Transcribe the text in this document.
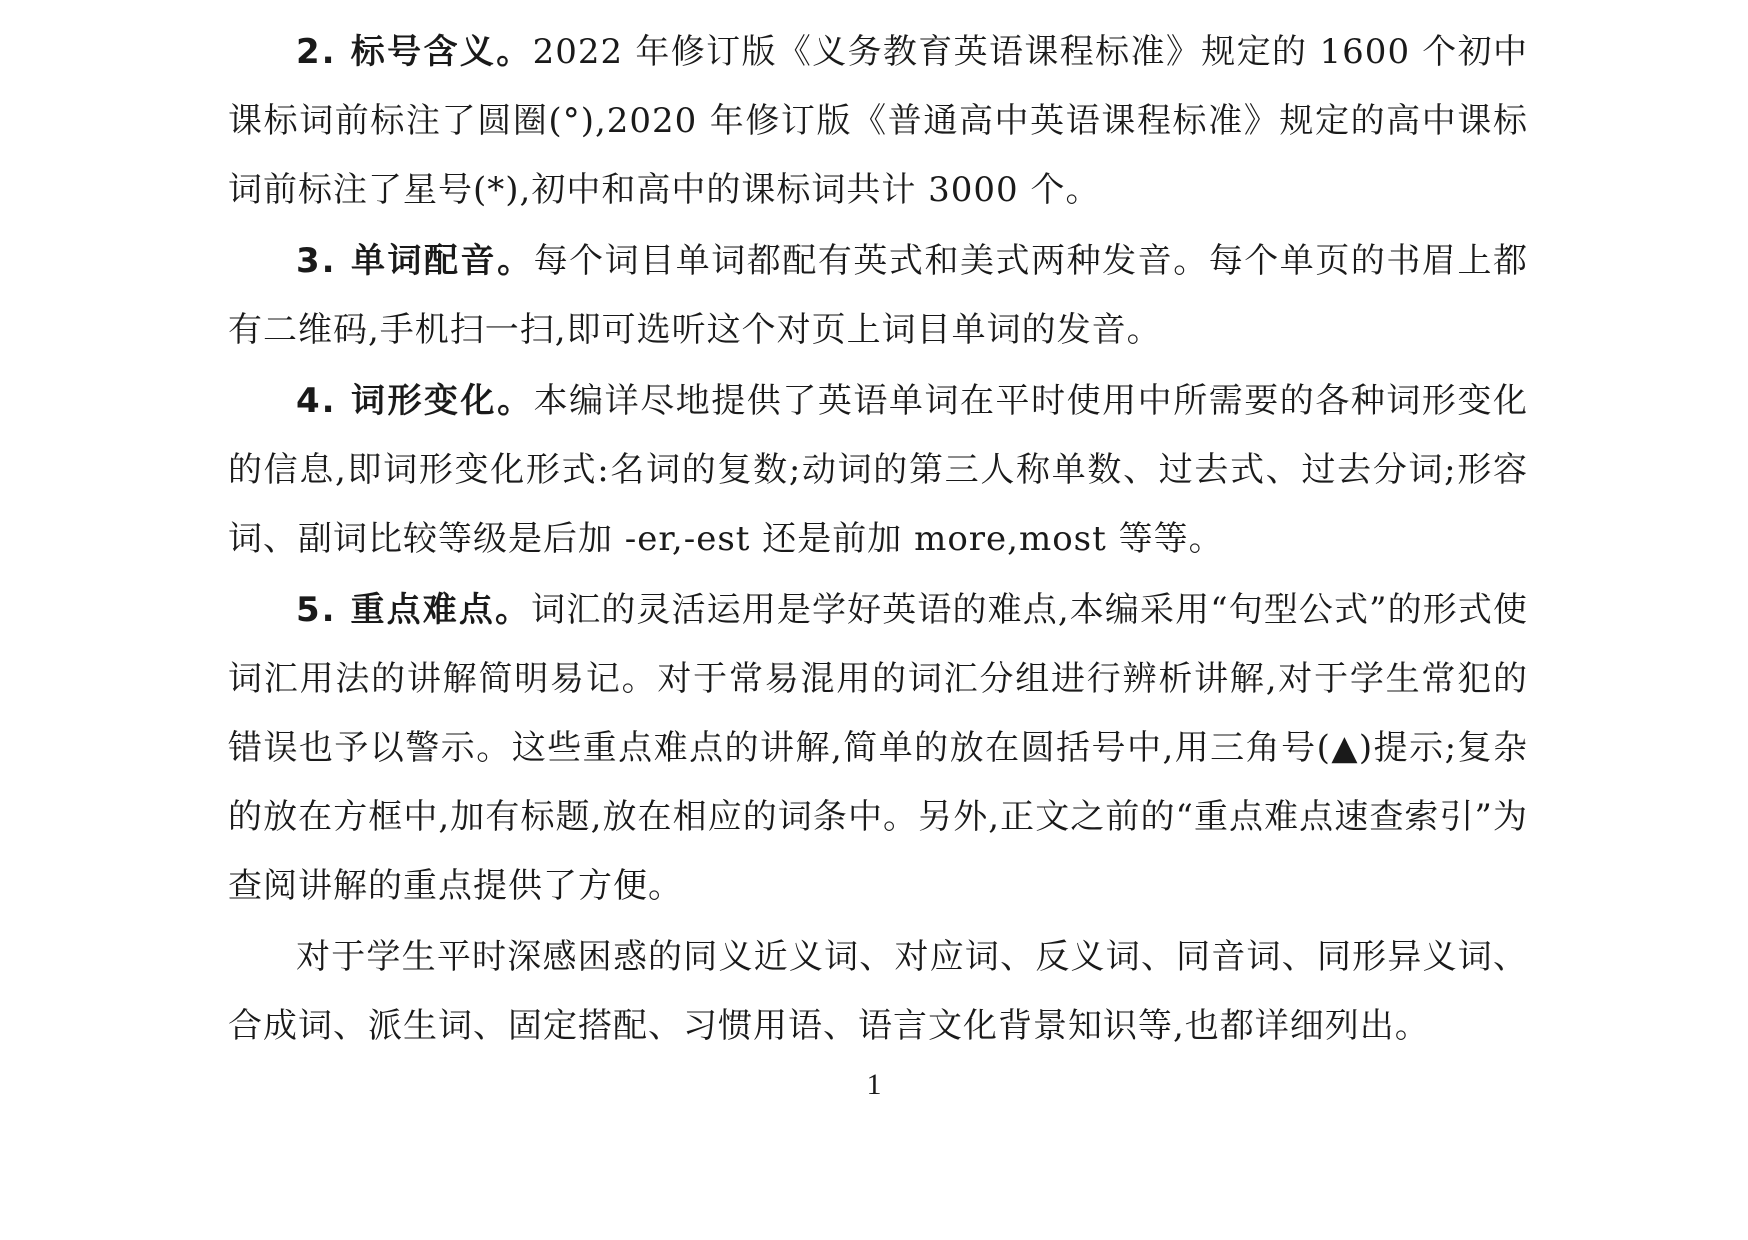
2. 标号含义。2022 年修订版《义务教育英语课程标准》规定的 1600 个初中课标词前标注了圆圈(°),2020 年修订版《普通高中英语课程标准》规定的高中课标词前标注了星号(*),初中和高中的课标词共计 3000 个。

3. 单词配音。每个词目单词都配有英式和美式两种发音。每个单页的书眉上都有二维码,手机扫一扫,即可选听这个对页上词目单词的发音。

4. 词形变化。本编详尽地提供了英语单词在平时使用中所需要的各种词形变化的信息,即词形变化形式:名词的复数;动词的第三人称单数、过去式、过去分词;形容词、副词比较等级是后加 -er,-est 还是前加 more,most 等等。

5. 重点难点。词汇的灵活运用是学好英语的难点,本编采用“句型公式”的形式使词汇用法的讲解简明易记。对于常易混用的词汇分组进行辨析讲解,对于学生常犯的错误也予以警示。这些重点难点的讲解,简单的放在圆括号中,用三角号(▲)提示;复杂的放在方框中,加有标题,放在相应的词条中。另外,正文之前的“重点难点速查索引”为查阅讲解的重点提供了方便。

对于学生平时深感困惑的同义近义词、对应词、反义词、同音词、同形异义词、合成词、派生词、固定搭配、习惯用语、语言文化背景知识等,也都详细列出。

1
